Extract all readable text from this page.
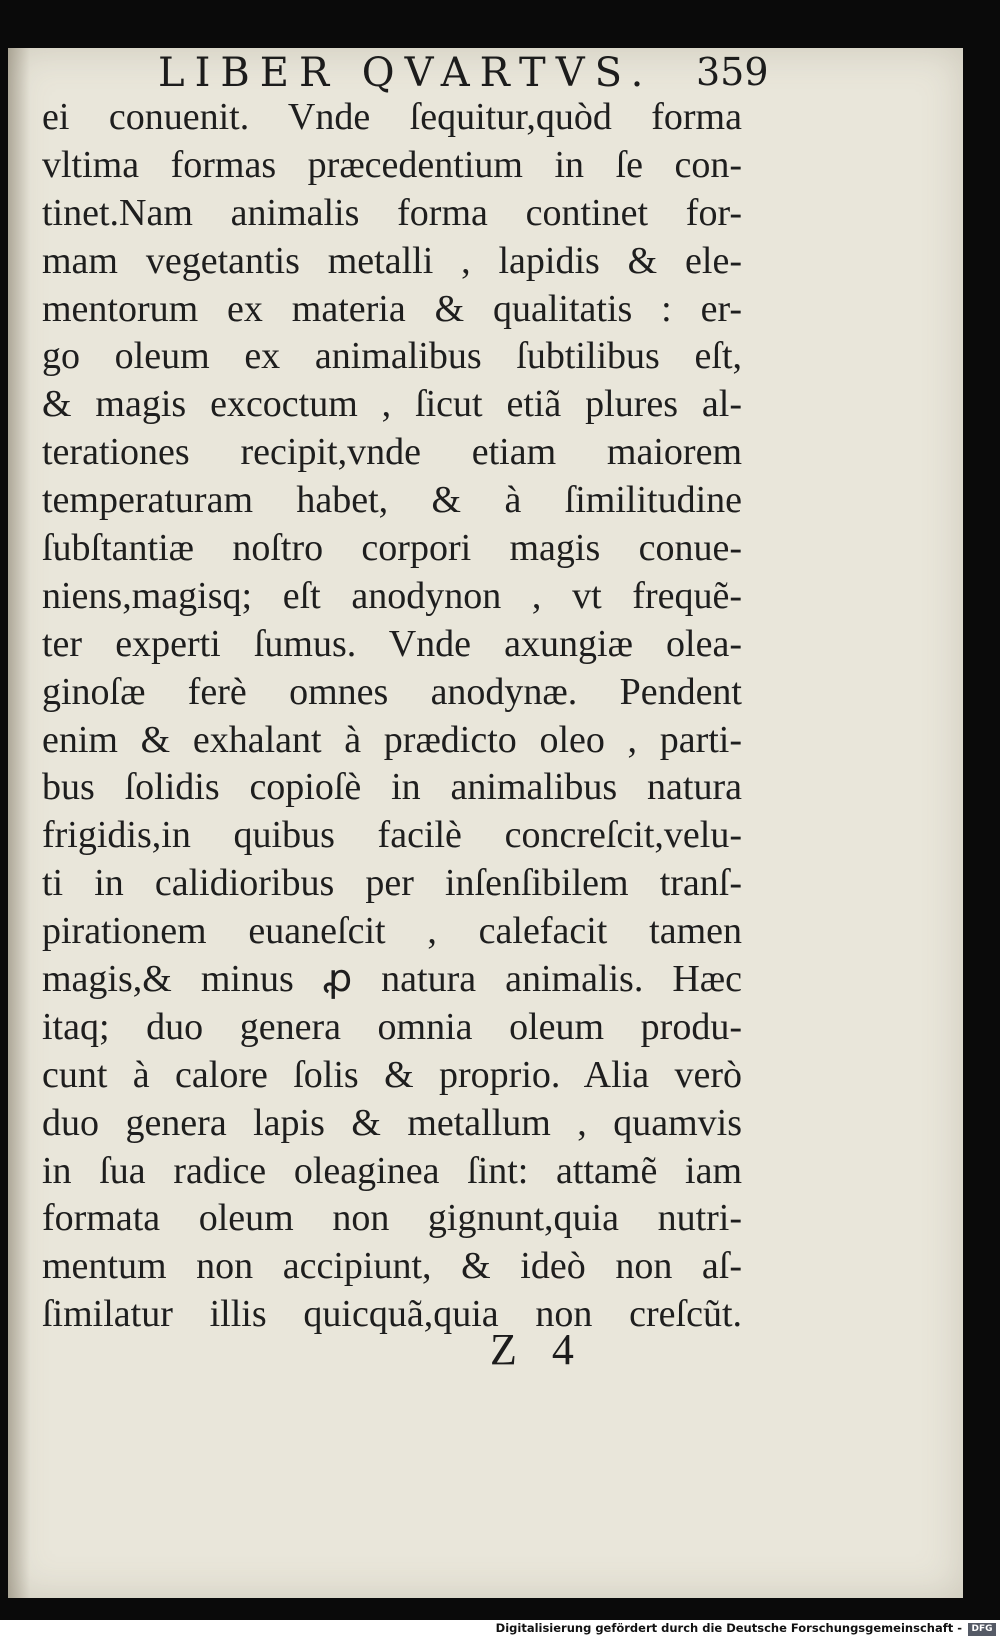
LIBER QVARTVS. 359
ei conuenit. Vnde ſequitur,quòd forma
vltima formas præcedentium in ſe con-
tinet.Nam animalis forma continet for-
mam vegetantis metalli , lapidis & ele-
mentorum ex materia & qualitatis : er-
go oleum ex animalibus ſubtilibus eſt,
& magis excoctum , ſicut etiã plures al-
terationes recipit,vnde etiam maiorem
temperaturam habet, & à ſimilitudine
ſubſtantiæ noſtro corpori magis conue-
niens,magisq; eſt anodynon , vt frequẽ-
ter experti ſumus. Vnde axungiæ olea-
ginoſæ ferè omnes anodynæ. Pendent
enim & exhalant à prædicto oleo , parti-
bus ſolidis copioſè in animalibus natura
frigidis,in quibus facilè concreſcit,velu-
ti in calidioribus per inſenſibilem tranſ-
pirationem euaneſcit , calefacit tamen
magis,& minus ꝓ natura animalis. Hæc
itaq; duo genera omnia oleum produ-
cunt à calore ſolis & proprio. Alia verò
duo genera lapis & metallum , quamvis
in ſua radice oleaginea ſint: attamẽ iam
formata oleum non gignunt,quia nutri-
mentum non accipiunt, & ideò non aſ-
ſimilatur illis quicquã,quia non creſcũt.
Z 4
Digitalisierung gefördert durch die Deutsche Forschungsgemeinschaft -	DFG
